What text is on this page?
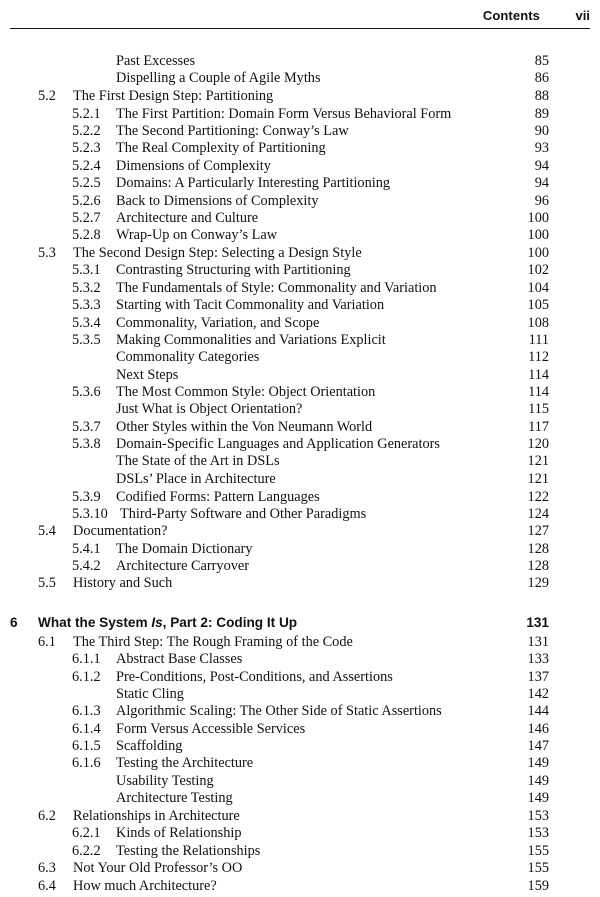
Contents	vii
Past Excesses	85
Dispelling a Couple of Agile Myths	86
5.2 The First Design Step: Partitioning	88
5.2.1 The First Partition: Domain Form Versus Behavioral Form	89
5.2.2 The Second Partitioning: Conway’s Law	90
5.2.3 The Real Complexity of Partitioning	93
5.2.4 Dimensions of Complexity	94
5.2.5 Domains: A Particularly Interesting Partitioning	94
5.2.6 Back to Dimensions of Complexity	96
5.2.7 Architecture and Culture	100
5.2.8 Wrap-Up on Conway’s Law	100
5.3 The Second Design Step: Selecting a Design Style	100
5.3.1 Contrasting Structuring with Partitioning	102
5.3.2 The Fundamentals of Style: Commonality and Variation	104
5.3.3 Starting with Tacit Commonality and Variation	105
5.3.4 Commonality, Variation, and Scope	108
5.3.5 Making Commonalities and Variations Explicit	111
Commonality Categories	112
Next Steps	114
5.3.6 The Most Common Style: Object Orientation	114
Just What is Object Orientation?	115
5.3.7 Other Styles within the Von Neumann World	117
5.3.8 Domain-Specific Languages and Application Generators	120
The State of the Art in DSLs	121
DSLs’ Place in Architecture	121
5.3.9 Codified Forms: Pattern Languages	122
5.3.10 Third-Party Software and Other Paradigms	124
5.4 Documentation?	127
5.4.1 The Domain Dictionary	128
5.4.2 Architecture Carryover	128
5.5 History and Such	129
6 What the System Is, Part 2: Coding It Up	131
6.1 The Third Step: The Rough Framing of the Code	131
6.1.1 Abstract Base Classes	133
6.1.2 Pre-Conditions, Post-Conditions, and Assertions	137
Static Cling	142
6.1.3 Algorithmic Scaling: The Other Side of Static Assertions	144
6.1.4 Form Versus Accessible Services	146
6.1.5 Scaffolding	147
6.1.6 Testing the Architecture	149
Usability Testing	149
Architecture Testing	149
6.2 Relationships in Architecture	153
6.2.1 Kinds of Relationship	153
6.2.2 Testing the Relationships	155
6.3 Not Your Old Professor’s OO	155
6.4 How much Architecture?	159
